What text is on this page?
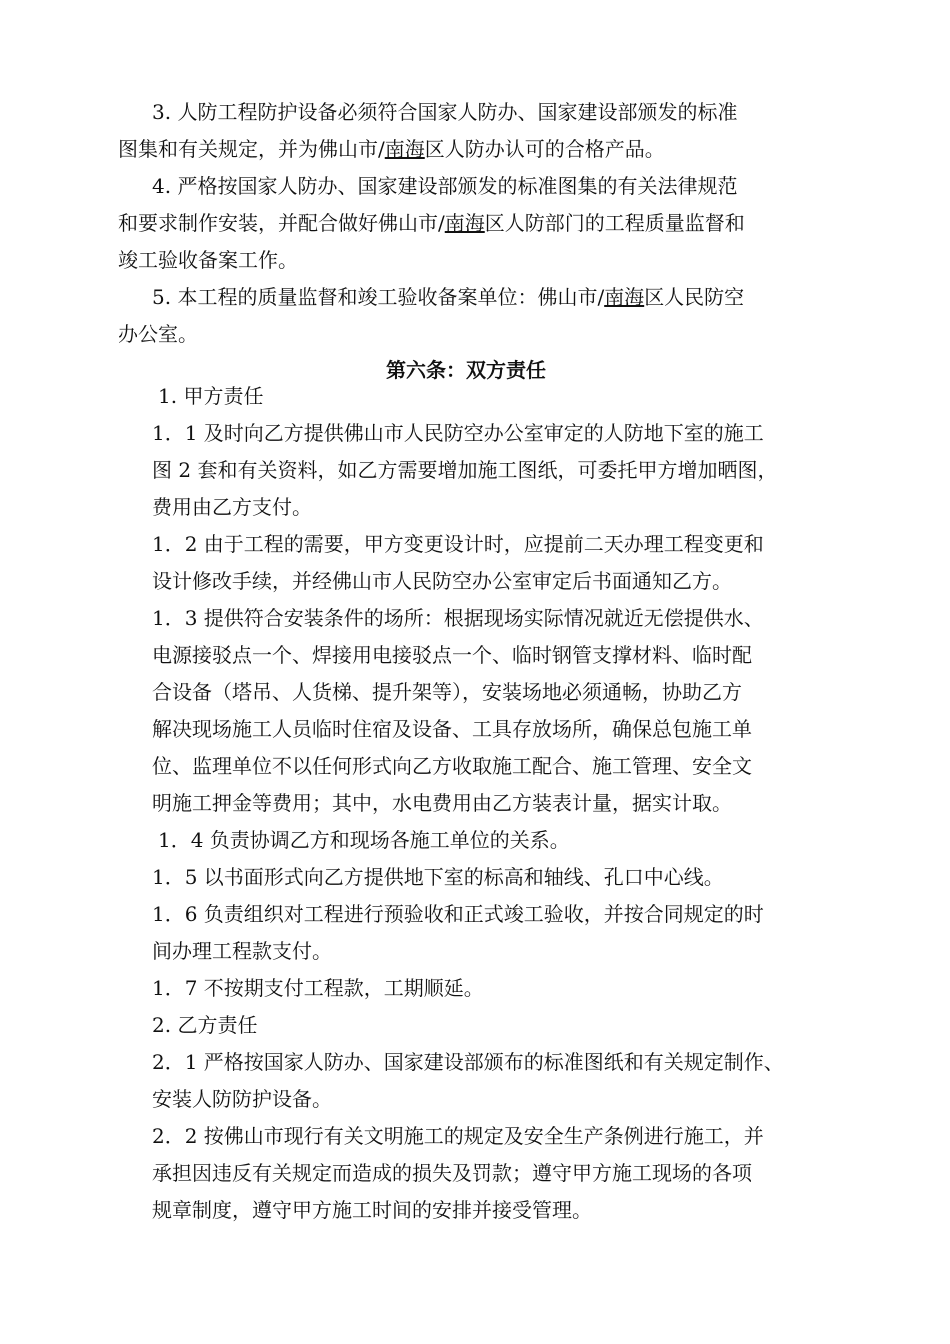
3. 人防工程防护设备必须符合国家人防办、国家建设部颁发的标准
图集和有关规定，并为佛山市/南海区人防办认可的合格产品。
4. 严格按国家人防办、国家建设部颁发的标准图集的有关法律规范
和要求制作安装，并配合做好佛山市/南海区人防部门的工程质量监督和
竣工验收备案工作。
5. 本工程的质量监督和竣工验收备案单位：佛山市/南海区人民防空
办公室。
第六条：双方责任
1. 甲方责任
1．1 及时向乙方提供佛山市人民防空办公室审定的人防地下室的施工
图 2 套和有关资料，如乙方需要增加施工图纸，可委托甲方增加晒图，
费用由乙方支付。
1．2 由于工程的需要，甲方变更设计时，应提前二天办理工程变更和
设计修改手续，并经佛山市人民防空办公室审定后书面通知乙方。
1．3 提供符合安装条件的场所：根据现场实际情况就近无偿提供水、
电源接驳点一个、焊接用电接驳点一个、临时钢管支撑材料、临时配
合设备（塔吊、人货梯、提升架等），安装场地必须通畅，协助乙方
解决现场施工人员临时住宿及设备、工具存放场所，确保总包施工单
位、监理单位不以任何形式向乙方收取施工配合、施工管理、安全文
明施工押金等费用；其中，水电费用由乙方装表计量，据实计取。
1．4 负责协调乙方和现场各施工单位的关系。
1．5 以书面形式向乙方提供地下室的标高和轴线、孔口中心线。
1．6 负责组织对工程进行预验收和正式竣工验收，并按合同规定的时
间办理工程款支付。
1．7 不按期支付工程款，工期顺延。
2. 乙方责任
2．1 严格按国家人防办、国家建设部颁布的标准图纸和有关规定制作、
安装人防防护设备。
2．2 按佛山市现行有关文明施工的规定及安全生产条例进行施工，并
承担因违反有关规定而造成的损失及罚款；遵守甲方施工现场的各项
规章制度，遵守甲方施工时间的安排并接受管理。
